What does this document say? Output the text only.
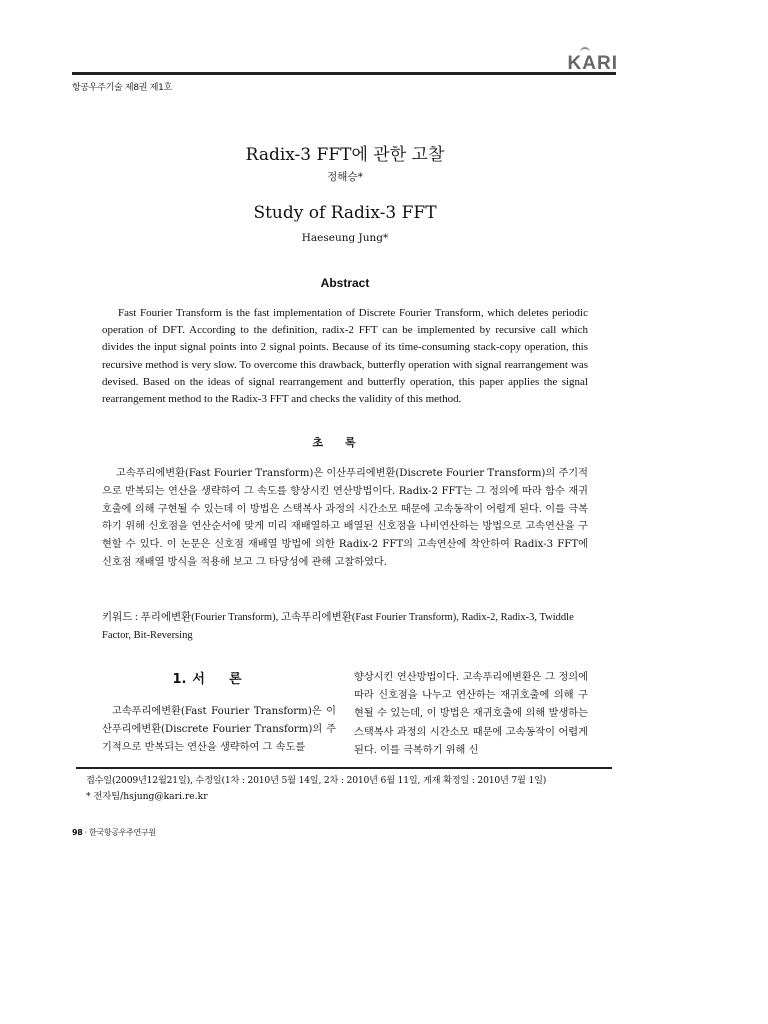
항공우주기술 제8권 제1호
KARI
Radix-3 FFT에 관한 고찰
정해승*
Study of Radix-3 FFT
Haeseung Jung*
Abstract
Fast Fourier Transform is the fast implementation of Discrete Fourier Transform, which deletes periodic operation of DFT. According to the definition, radix-2 FFT can be implemented by recursive call which divides the input signal points into 2 signal points. Because of its time-consuming stack-copy operation, this recursive method is very slow. To overcome this drawback, butterfly operation with signal rearrangement was devised. Based on the ideas of signal rearrangement and butterfly operation, this paper applies the signal rearrangement method to the Radix-3 FFT and checks the validity of this method.
초록
고속푸리에변환(Fast Fourier Transform)은 이산푸리에변환(Discrete Fourier Transform)의 주기적으로 반복되는 연산을 생략하여 그 속도를 향상시킨 연산방법이다. Radix-2 FFT는 그 정의에 따라 함수 재귀호출에 의해 구현될 수 있는데 이 방법은 스택복사 과정의 시간소모 때문에 고속동작이 어렵게 된다. 이를 극복하기 위해 신호점을 연산순서에 맞게 미리 재배열하고 배열된 신호점을 나비연산하는 방법으로 고속연산을 구현할 수 있다. 이 논문은 신호점 재배열 방법에 의한 Radix-2 FFT의 고속연산에 착안하여 Radix-3 FFT에 신호점 재배열 방식을 적용해 보고 그 타당성에 관해 고찰하였다.
키워드 : 푸리에변환(Fourier Transform), 고속푸리에변환(Fast Fourier Transform), Radix-2, Radix-3, Twiddle Factor, Bit-Reversing
1. 서론
고속푸리에변환(Fast Fourier Transform)은 이산푸리에변환(Discrete Fourier Transform)의 주기적으로 반복되는 연산을 생략하여 그 속도를
향상시킨 연산방법이다. 고속푸리에변환은 그 정의에 따라 신호점을 나누고 연산하는 재귀호출에 의해 구현될 수 있는데, 이 방법은 재귀호출에 의해 발생하는 스택복사 과정의 시간소모 때문에 고속동작이 어렵게 된다. 이를 극복하기 위해 신
접수일(2009년12월21일), 수정일(1차 : 2010년 5월 14일, 2차 : 2010년 6월 11일, 게재 확정일 : 2010년 7월 1일)
* 전자팀/hsjung@kari.re.kr
98 · 한국항공우주연구원
